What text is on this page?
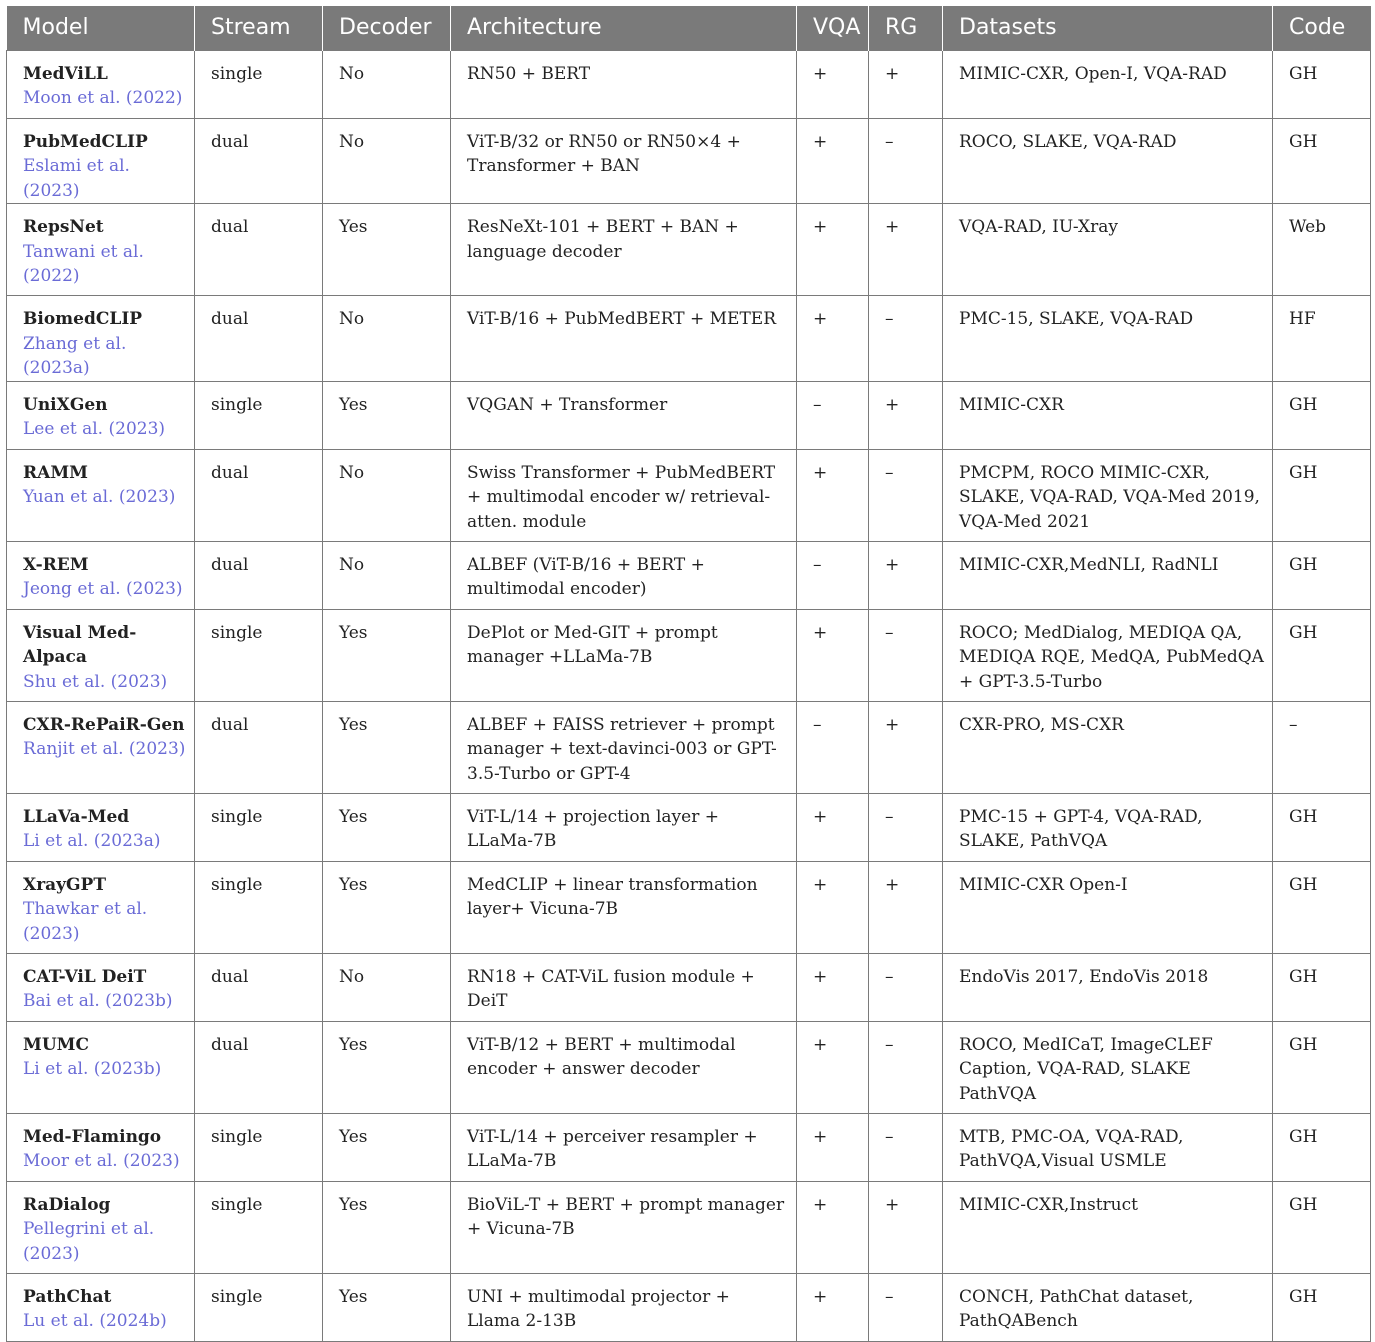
Model	Stream	Decoder	Architecture	VQA	RG	Datasets	Code

MedViLL
Moon et al. (2022)	single	No	RN50 + BERT	+	+	MIMIC-CXR, Open-I, VQA-RAD	GH

PubMedCLIP
Eslami et al. (2023)	dual	No	ViT-B/32 or RN50 or RN50×4 + Transformer + BAN	+	–	ROCO, SLAKE, VQA-RAD	GH

RepsNet
Tanwani et al. (2022)	dual	Yes	ResNeXt-101 + BERT + BAN + language decoder	+	+	VQA-RAD, IU-Xray	Web

BiomedCLIP
Zhang et al. (2023a)	dual	No	ViT-B/16 + PubMedBERT + METER	+	–	PMC-15, SLAKE, VQA-RAD	HF

UniXGen
Lee et al. (2023)	single	Yes	VQGAN + Transformer	–	+	MIMIC-CXR	GH

RAMM
Yuan et al. (2023)	dual	No	Swiss Transformer + PubMedBERT + multimodal encoder w/ retrieval-atten. module	+	–	PMCPM, ROCO MIMIC-CXR, SLAKE, VQA-RAD, VQA-Med 2019, VQA-Med 2021	GH

X-REM
Jeong et al. (2023)	dual	No	ALBEF (ViT-B/16 + BERT + multimodal encoder)	–	+	MIMIC-CXR,MedNLI, RadNLI	GH

Visual Med-Alpaca
Shu et al. (2023)	single	Yes	DePlot or Med-GIT + prompt manager +LLaMa-7B	+	–	ROCO; MedDialog, MEDIQA QA, MEDIQA RQE, MedQA, PubMedQA + GPT-3.5-Turbo	GH

CXR-RePaiR-Gen
Ranjit et al. (2023)	dual	Yes	ALBEF + FAISS retriever + prompt manager + text-davinci-003 or GPT-3.5-Turbo or GPT-4	–	+	CXR-PRO, MS-CXR	–

LLaVa-Med
Li et al. (2023a)	single	Yes	ViT-L/14 + projection layer + LLaMa-7B	+	–	PMC-15 + GPT-4, VQA-RAD, SLAKE, PathVQA	GH

XrayGPT
Thawkar et al. (2023)	single	Yes	MedCLIP + linear transformation layer+ Vicuna-7B	+	+	MIMIC-CXR Open-I	GH

CAT-ViL DeiT
Bai et al. (2023b)	dual	No	RN18 + CAT-ViL fusion module + DeiT	+	–	EndoVis 2017, EndoVis 2018	GH

MUMC
Li et al. (2023b)	dual	Yes	ViT-B/12 + BERT + multimodal encoder + answer decoder	+	–	ROCO, MedICaT, ImageCLEF Caption, VQA-RAD, SLAKE PathVQA	GH

Med-Flamingo
Moor et al. (2023)	single	Yes	ViT-L/14 + perceiver resampler + LLaMa-7B	+	–	MTB, PMC-OA, VQA-RAD, PathVQA,Visual USMLE	GH

RaDialog
Pellegrini et al. (2023)	single	Yes	BioViL-T + BERT + prompt manager + Vicuna-7B	+	+	MIMIC-CXR,Instruct	GH

PathChat
Lu et al. (2024b)	single	Yes	UNI + multimodal projector + Llama 2-13B	+	–	CONCH, PathChat dataset, PathQABench	GH
